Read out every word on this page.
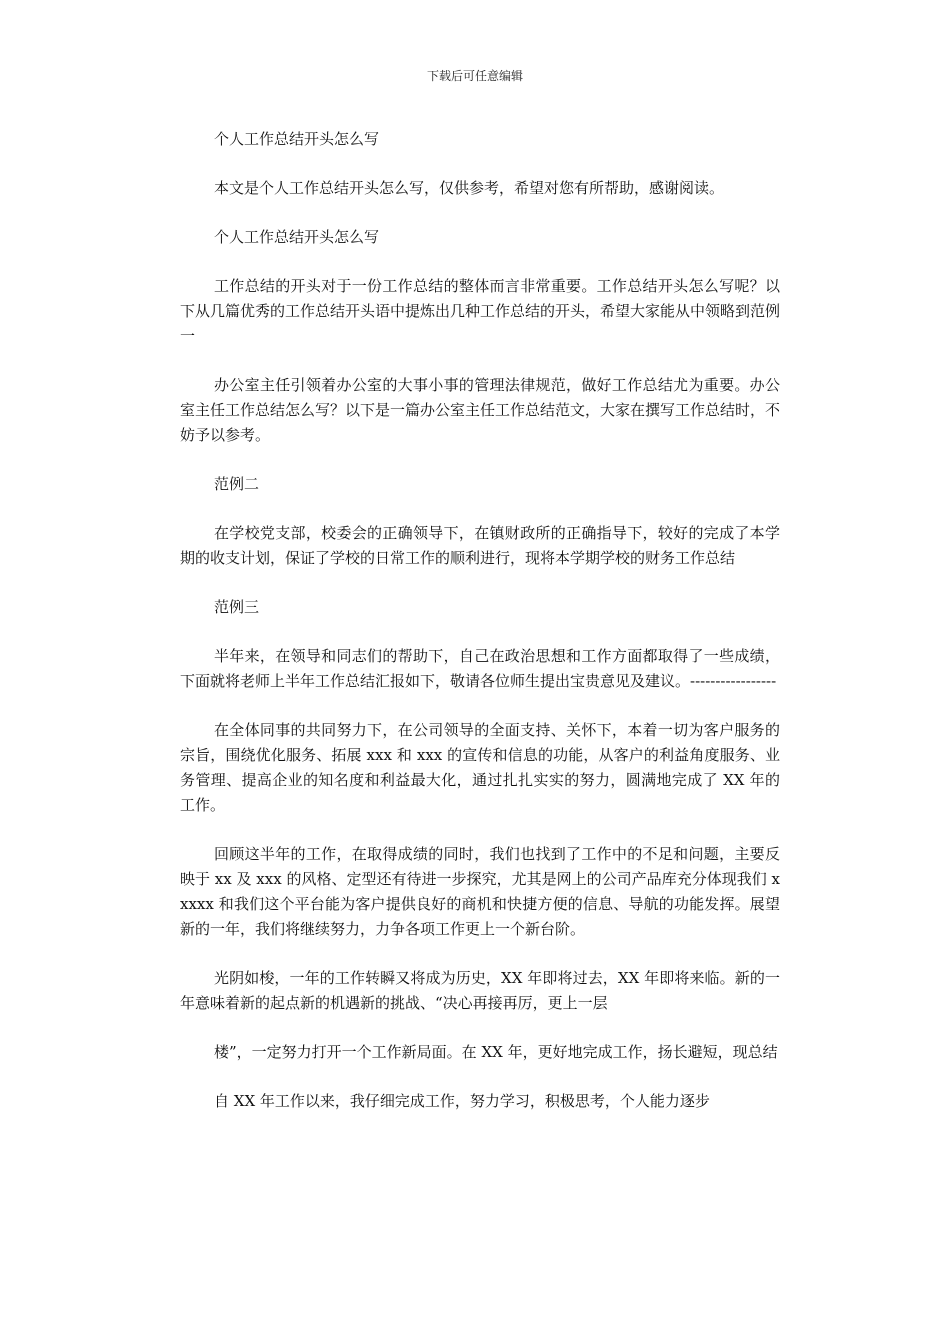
下载后可任意编辑

个人工作总结开头怎么写

本文是个人工作总结开头怎么写，仅供参考，希望对您有所帮助，感谢阅读。

个人工作总结开头怎么写

工作总结的开头对于一份工作总结的整体而言非常重要。工作总结开头怎么写呢？以下从几篇优秀的工作总结开头语中提炼出几种工作总结的开头，希望大家能从中领略到范例一

办公室主任引领着办公室的大事小事的管理法律规范，做好工作总结尤为重要。办公室主任工作总结怎么写？以下是一篇办公室主任工作总结范文，大家在撰写工作总结时，不妨予以参考。

范例二

在学校党支部，校委会的正确领导下，在镇财政所的正确指导下，较好的完成了本学期的收支计划，保证了学校的日常工作的顺利进行，现将本学期学校的财务工作总结

范例三

半年来，在领导和同志们的帮助下，自己在政治思想和工作方面都取得了一些成绩，下面就将老师上半年工作总结汇报如下，敬请各位师生提出宝贵意见及建议。-----------------

在全体同事的共同努力下，在公司领导的全面支持、关怀下，本着一切为客户服务的宗旨，围绕优化服务、拓展 xxx 和 xxx 的宣传和信息的功能，从客户的利益角度服务、业务管理、提高企业的知名度和利益最大化，通过扎扎实实的努力，圆满地完成了 XX 年的工作。

回顾这半年的工作，在取得成绩的同时，我们也找到了工作中的不足和问题，主要反映于 xx 及 xxx 的风格、定型还有待进一步探究，尤其是网上的公司产品库充分体现我们 xxxxx 和我们这个平台能为客户提供良好的商机和快捷方便的信息、导航的功能发挥。展望新的一年，我们将继续努力，力争各项工作更上一个新台阶。

光阴如梭，一年的工作转瞬又将成为历史，XX 年即将过去，XX 年即将来临。新的一年意味着新的起点新的机遇新的挑战、“决心再接再厉，更上一层

楼”，一定努力打开一个工作新局面。在 XX 年，更好地完成工作，扬长避短，现总结

自 XX 年工作以来，我仔细完成工作，努力学习，积极思考，个人能力逐步
